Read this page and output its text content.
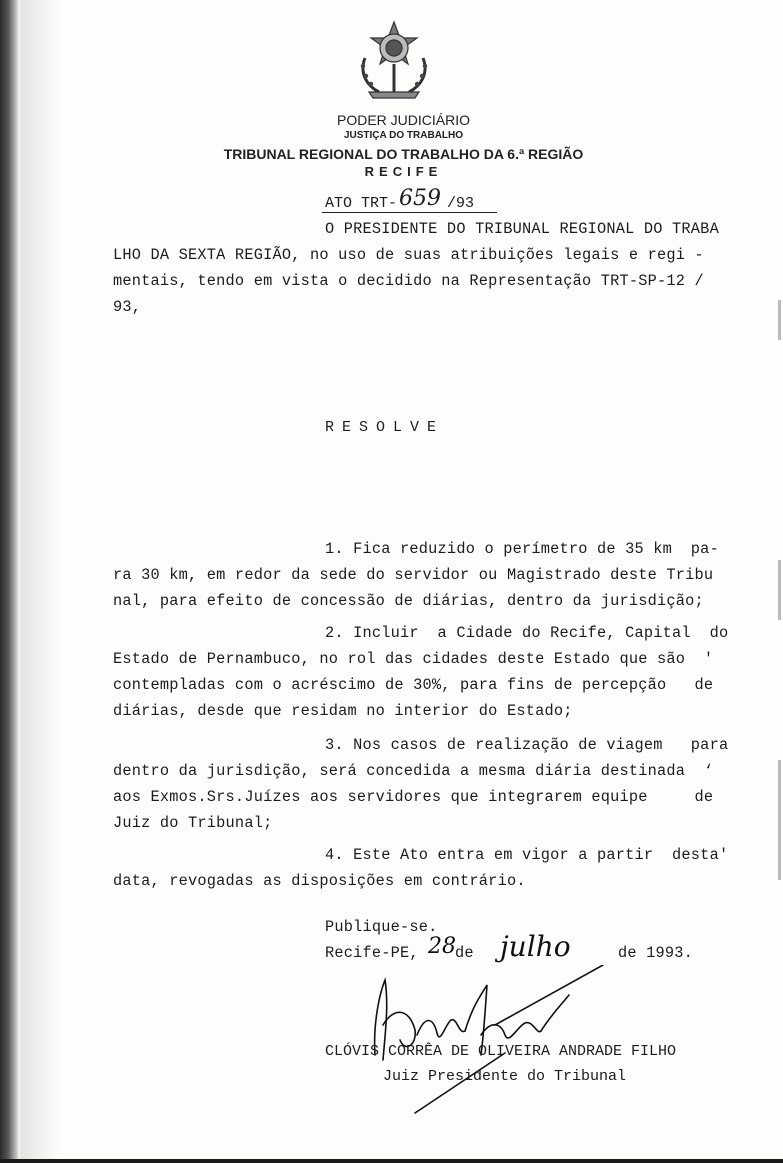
PODER JUDICIÁRIO
JUSTIÇA DO TRABALHO
TRIBUNAL REGIONAL DO TRABALHO DA 6.ª REGIÃO
RECIFE
ATO TRT-659 /93
O PRESIDENTE DO TRIBUNAL REGIONAL DO TRABA
LHO DA SEXTA REGIÃO, no uso de suas atribuições legais e regi -
mentais, tendo em vista o decidido na Representação TRT-SP-12 /
93,
RESOLVE
1. Fica reduzido o perímetro de 35 km  pa-
ra 30 km, em redor da sede do servidor ou Magistrado deste Tribu
nal, para efeito de concessão de diárias, dentro da jurisdição;
2. Incluir  a Cidade do Recife, Capital  do
Estado de Pernambuco, no rol das cidades deste Estado que são  '
contempladas com o acréscimo de 30%, para fins de percepção   de
diárias, desde que residam no interior do Estado;
3. Nos casos de realização de viagem   para
dentro da jurisdição, será concedida a mesma diária destinada  ‘
aos Exmos.Srs.Juízes aos servidores que integrarem equipe     de
Juiz do Tribunal;
4. Este Ato entra em vigor a partir  desta'
data, revogadas as disposições em contrário.
Publique-se.
Recife-PE, 28 de julho	de 1993.
CLÓVIS CORRÊA DE OLIVEIRA ANDRADE FILHO
Juiz Presidente do Tribunal
